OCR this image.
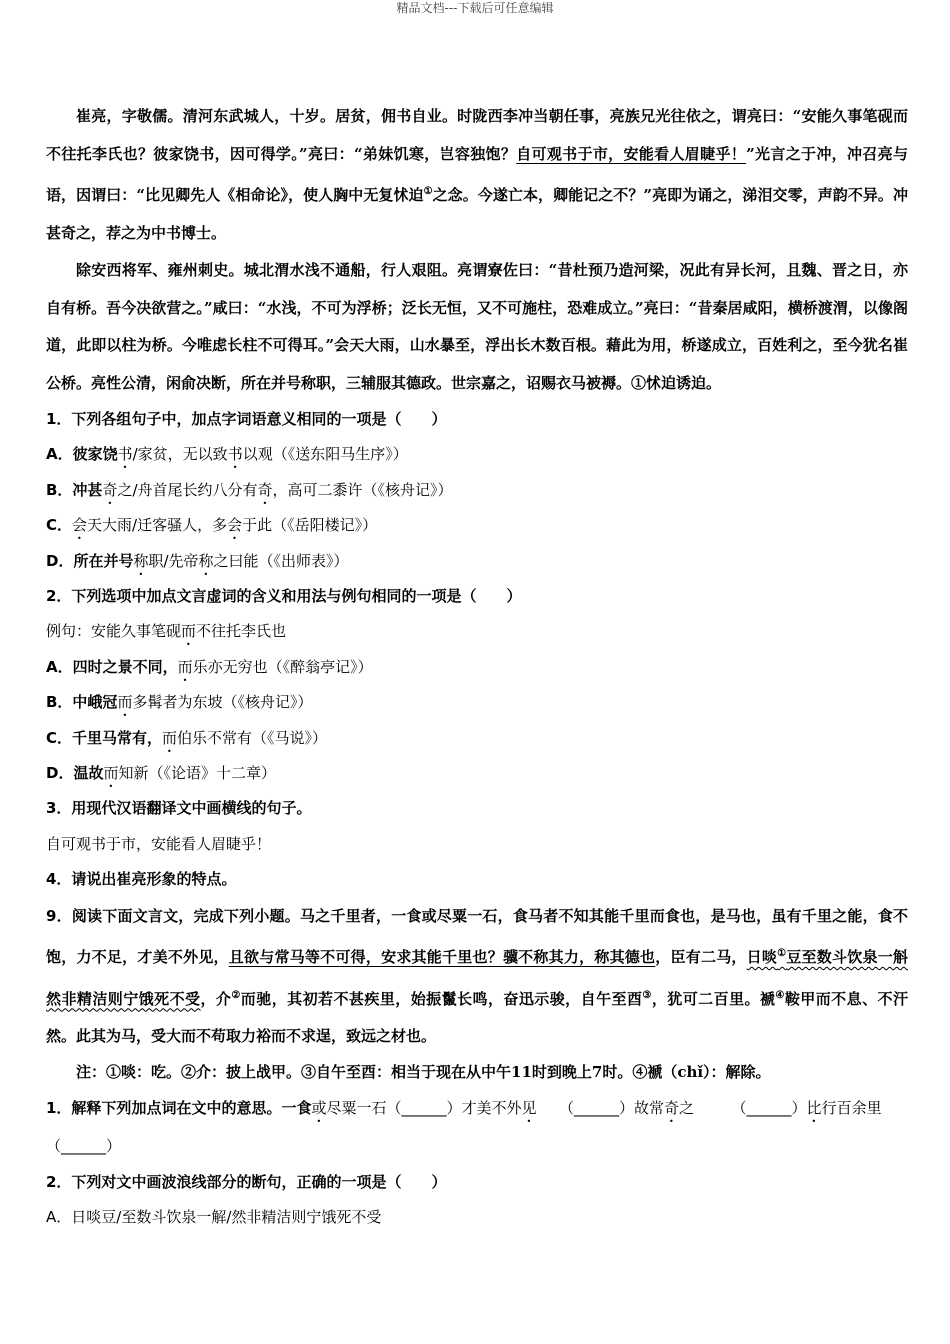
精品文档---下载后可任意编辑

崔亮，字敬儒。清河东武城人，十岁。居贫，佣书自业。时陇西李冲当朝任事，亮族兄光往依之，谓亮曰：“安能久事笔砚而不往托李氏也？彼家饶书，因可得学。”亮曰：“弟妹饥寒，岂容独饱？自可观书于市，安能看人眉睫乎！”光言之于冲，冲召亮与语，因谓曰：“比见卿先人《相命论》，使人胸中无复怵迫①之念。今遂亡本，卿能记之不？”亮即为诵之，涕泪交零，声韵不异。冲甚奇之，荐之为中书博士。

除安西将军、雍州刺史。城北渭水浅不通船，行人艰阻。亮谓寮佐曰：“昔杜预乃造河梁，况此有异长河，且魏、晋之日，亦自有桥。吾今决欲营之。”咸曰：“水浅，不可为浮桥；泛长无恒，又不可施柱，恐难成立。”亮曰：“昔秦居咸阳，横桥渡渭，以像阁道，此即以柱为桥。今唯虑长柱不可得耳。”会天大雨，山水暴至，浮出长木数百根。藉此为用，桥遂成立，百姓利之，至今犹名崔公桥。亮性公清，闲俞决断，所在并号称职，三辅服其德政。世宗嘉之，诏赐衣马被褥。①怵迫诱迫。

1．下列各组句子中，加点字词语意义相同的一项是（　　）

A．彼家饶书/家贫，无以致书以观（《送东阳马生序》）

B．冲甚奇之/舟首尾长约八分有奇，高可二黍许（《核舟记》）

C．会天大雨/迁客骚人，多会于此（《岳阳楼记》）

D．所在并号称职/先帝称之曰能（《出师表》）

2．下列选项中加点文言虚词的含义和用法与例句相同的一项是（　　）

例句：安能久事笔砚而不往托李氏也

A．四时之景不同，而乐亦无穷也（《醉翁亭记》）

B．中峨冠而多髯者为东坡（《核舟记》）

C．千里马常有，而伯乐不常有（《马说》）

D．温故而知新（《论语》十二章）

3．用现代汉语翻译文中画横线的句子。

自可观书于市，安能看人眉睫乎！

4．请说出崔亮形象的特点。

9．阅读下面文言文，完成下列小题。马之千里者，一食或尽粟一石，食马者不知其能千里而食也，是马也，虽有千里之能，食不饱，力不足，才美不外见，且欲与常马等不可得，安求其能千里也？骥不称其力，称其德也，臣有二马，日啖①豆至数斗饮泉一斛然非精洁则宁饿死不受，介②而驰，其初若不甚疾里，始振鬣长鸣，奋迅示骏，自午至酉③，犹可二百里。褫④鞍甲而不息、不汗然。此其为马，受大而不苟取力裕而不求逞，致远之材也。

注：①啖：吃。②介：披上战甲。③自午至酉：相当于现在从中午11时到晚上7时。④褫（chǐ）：解除。

1．解释下列加点词在文中的意思。一食或尽粟一石（______）才美不外见　　（______）故常奇之　　　（______）比行百余里　　（______）

2．下列对文中画波浪线部分的断句，正确的一项是（　　）

A．日啖豆/至数斗饮泉一解/然非精洁则宁饿死不受
